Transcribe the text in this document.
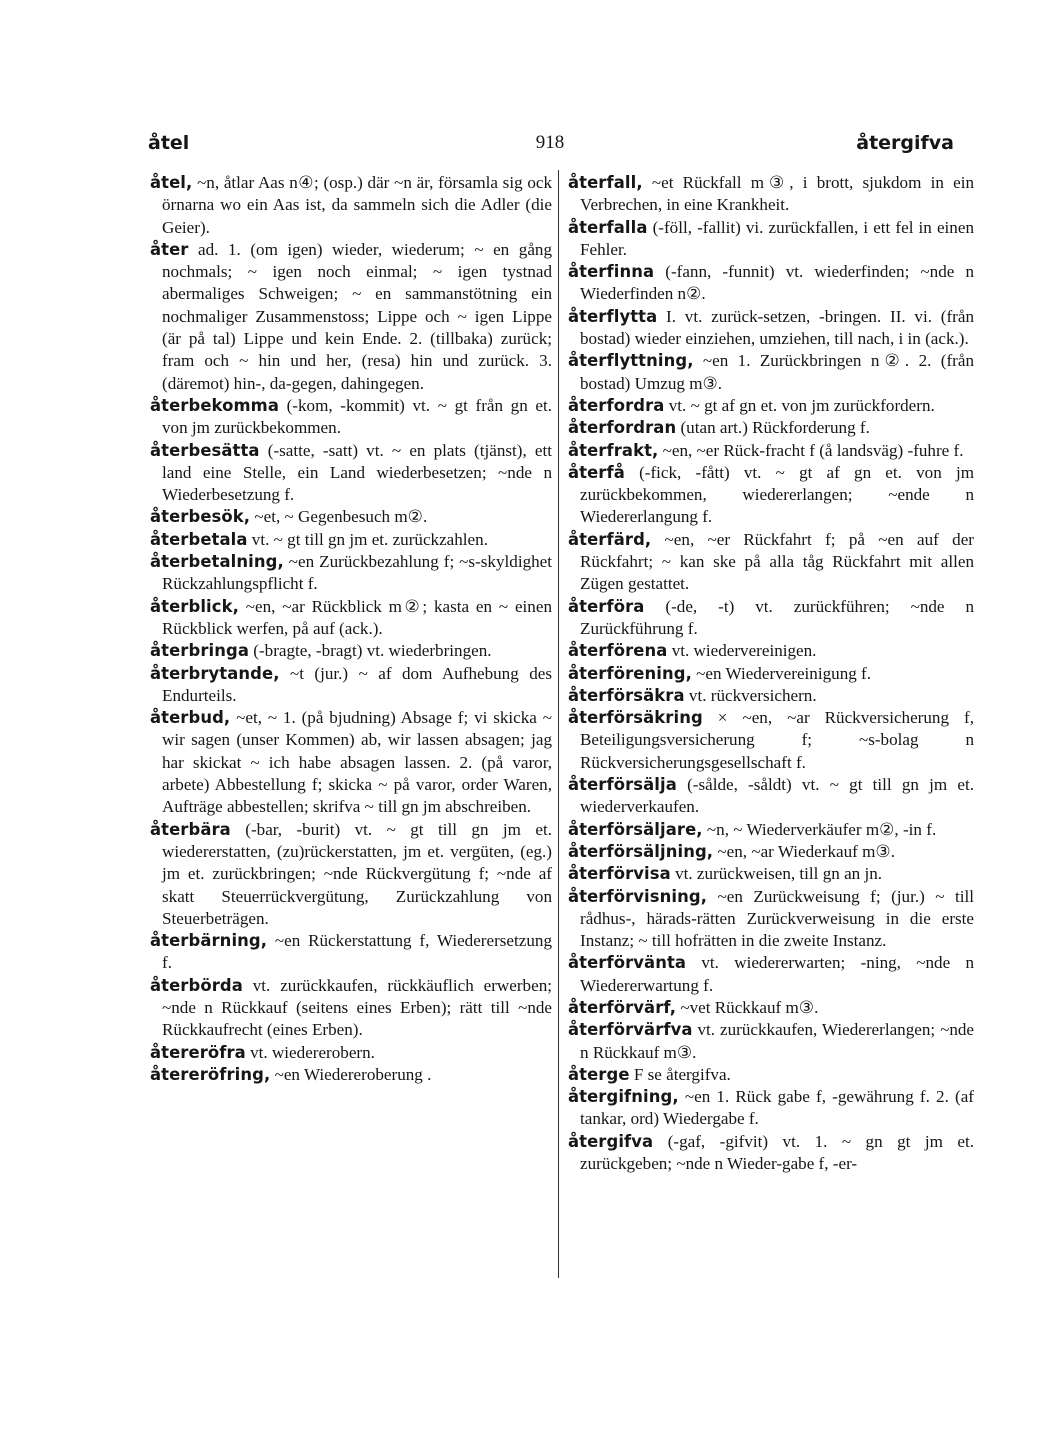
åtel	918	återgifva
åtel, ~n, åtlar Aas n④; (osp.) där ~n är, församla sig ock örnarna wo ein Aas ist, da sammeln sich die Adler (die Geier).
åter ad. 1. (om igen) wieder, wiederum; ~ en gång nochmals; ~ igen noch einmal; ~ igen tystnad abermaliges Schweigen; ~ en sammanstötning ein nochmaliger Zusammenstoss; Lippe och ~ igen Lippe (är på tal) Lippe und kein Ende. 2. (tillbaka) zurück; fram och ~ hin und her, (resa) hin und zurück. 3. (däremot) hin-, da-gegen, dahingegen.
återbekomma (-kom, -kommit) vt. ~ gt från gn et. von jm zurückbekommen.
återbesätta (-satte, -satt) vt. ~ en plats (tjänst), ett land eine Stelle, ein Land wiederbesetzen; ~nde n Wiederbesetzung f.
återbesök, ~et, ~ Gegenbesuch m②.
återbetala vt. ~ gt till gn jm et. zurückzahlen.
återbetalning, ~en Zurückbezahlung f; ~s-skyldighet Rückzahlungspflicht f.
återblick, ~en, ~ar Rückblick m②; kasta en ~ einen Rückblick werfen, på auf (ack.).
återbringa (-bragte, -bragt) vt. wiederbringen.
återbrytande, ~t (jur.) ~ af dom Aufhebung des Endurteils.
återbud, ~et, ~ 1. (på bjudning) Absage f; vi skicka ~ wir sagen (unser Kommen) ab, wir lassen absagen; jag har skickat ~ ich habe absagen lassen. 2. (på varor, arbete) Abbestellung f; skicka ~ på varor, order Waren, Aufträge abbestellen; skrifva ~ till gn jm abschreiben.
återbära (-bar, -burit) vt. ~ gt till gn jm et. wiedererstatten, (zu)rückerstatten, jm et. vergüten, (eg.) jm et. zurückbringen; ~nde Rückvergütung f; ~nde af skatt Steuerrückvergütung, Zurückzahlung von Steuerbeträgen.
återbärning, ~en Rückerstattung f, Wiederersetzung f.
återbörda vt. zurückkaufen, rückkäuflich erwerben; ~nde n Rückkauf (seitens eines Erben); rätt till ~nde Rückkaufrecht (eines Erben).
återeröfra vt. wiedererobern.
återeröfring, ~en Wiedereroberung .
återfall, ~et Rückfall m③, i brott, sjukdom in ein Verbrechen, in eine Krankheit.
återfalla (-föll, -fallit) vi. zurückfallen, i ett fel in einen Fehler.
återfinna (-fann, -funnit) vt. wiederfinden; ~nde n Wiederfinden n②.
återflytta I. vt. zurück-setzen, -bringen. II. vi. (från bostad) wieder einziehen, umziehen, till nach, i in (ack.).
återflyttning, ~en 1. Zurückbringen n②. 2. (från bostad) Umzug m③.
återfordra vt. ~ gt af gn et. von jm zurückfordern.
återfordran (utan art.) Rückforderung f.
återfrakt, ~en, ~er Rück-fracht f (å landsväg) -fuhre f.
återfå (-fick, -fått) vt. ~ gt af gn et. von jm zurückbekommen, wiedererlangen; ~ende n Wiedererlangung f.
återfärd, ~en, ~er Rückfahrt f; på ~en auf der Rückfahrt; ~ kan ske på alla tåg Rückfahrt mit allen Zügen gestattet.
återföra (-de, -t) vt. zurückführen; ~nde n Zurückführung f.
återförena vt. wiedervereinigen.
återförening, ~en Wiedervereinigung f.
återförsäkra vt. rückversichern.
återförsäkring × ~en, ~ar Rückversicherung f, Beteiligungsversicherung f; ~s-bolag n Rückversicherungsgesellschaft f.
återförsälja (-sålde, -såldt) vt. ~ gt till gn jm et. wiederverkaufen.
återförsäljare, ~n, ~ Wiederverkäufer m②, -in f.
återförsäljning, ~en, ~ar Wiederkauf m③.
återförvisa vt. zurückweisen, till gn an jn.
återförvisning, ~en Zurückweisung f; (jur.) ~ till rådhus-, härads-rätten Zurückverweisung in die erste Instanz; ~ till hofrätten in die zweite Instanz.
återförvänta vt. wiedererwarten; -ning, ~nde n Wiedererwartung f.
återförvärf, ~vet Rückkauf m③.
återförvärfva vt. zurückkaufen, Wiedererlangen; ~nde n Rückkauf m③.
återge F se återgifva.
återgifning, ~en 1. Rück gabe f, -gewährung f. 2. (af tankar, ord) Wiedergabe f.
återgifva (-gaf, -gifvit) vt. 1. ~ gn gt jm et. zurückgeben; ~nde n Wieder-gabe f, -er-
